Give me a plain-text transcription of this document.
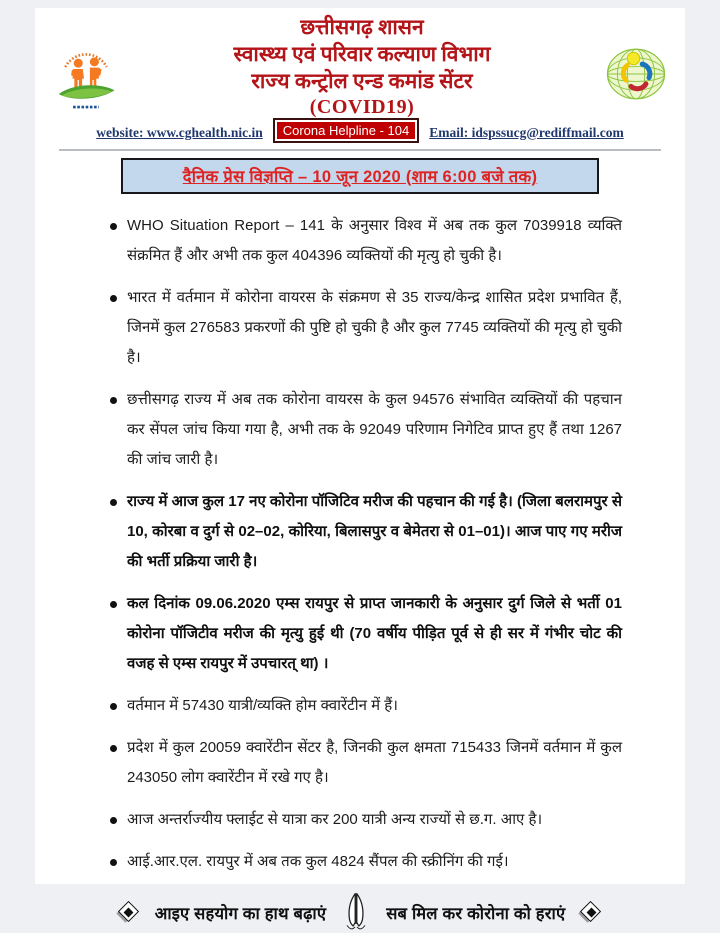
छत्तीसगढ़ शासन
स्वास्थ्य एवं परिवार कल्याण विभाग
राज्य कन्ट्रोल एन्ड कमांड सेंटर
(COVID19)
website: www.cghealth.nic.in	Corona Helpline - 104	Email: idspssucg@rediffmail.com
दैनिक प्रेस विज्ञप्ति – 10 जून 2020 (शाम 6:00 बजे तक)
WHO Situation Report – 141 के अनुसार विश्व में अब तक कुल 7039918 व्यक्ति संक्रमित हैं और अभी तक कुल 404396 व्यक्तियों की मृत्यु हो चुकी है।
भारत में वर्तमान में कोरोना वायरस के संक्रमण से 35 राज्य/केन्द्र शासित प्रदेश प्रभावित हैं, जिनमें कुल 276583 प्रकरणों की पुष्टि हो चुकी है और कुल 7745 व्यक्तियों की मृत्यु हो चुकी है।
छत्तीसगढ़ राज्य में अब तक कोरोना वायरस के कुल 94576 संभावित व्यक्तियों की पहचान कर सेंपल जांच किया गया है, अभी तक के 92049 परिणाम निगेटिव प्राप्त हुए हैं तथा 1267 की जांच जारी है।
राज्य में आज कुल 17 नए कोरोना पॉजिटिव मरीज की पहचान की गई है। (जिला बलरामपुर से 10, कोरबा व दुर्ग से 02–02, कोरिया, बिलासपुर व बेमेतरा से 01–01)। आज पाए गए मरीज की भर्ती प्रक्रिया जारी है।
कल दिनांक 09.06.2020 एम्स रायपुर से प्राप्त जानकारी के अनुसार दुर्ग जिले से भर्ती 01 कोरोना पॉजिटीव मरीज की मृत्यु हुई थी (70 वर्षीय पीड़ित पूर्व से ही सर में गंभीर चोट की वजह से एम्स रायपुर में उपचारत् था) ।
वर्तमान में 57430 यात्री/व्यक्ति होम क्वारेंटीन में हैं।
प्रदेश में कुल 20059 क्वारेंटीन सेंटर है, जिनकी कुल क्षमता 715433 जिनमें वर्तमान में कुल 243050 लोग क्वारेंटीन में रखे गए है।
आज अन्तर्राज्यीय फ्लाईट से यात्रा कर 200 यात्री अन्य राज्यों से छ.ग. आए है।
आई.आर.एल. रायपुर में अब तक कुल 4824 सैंपल की स्क्रीनिंग की गई।
आइए सहयोग का हाथ बढ़ाएं	सब मिल कर कोरोना को हराएं
